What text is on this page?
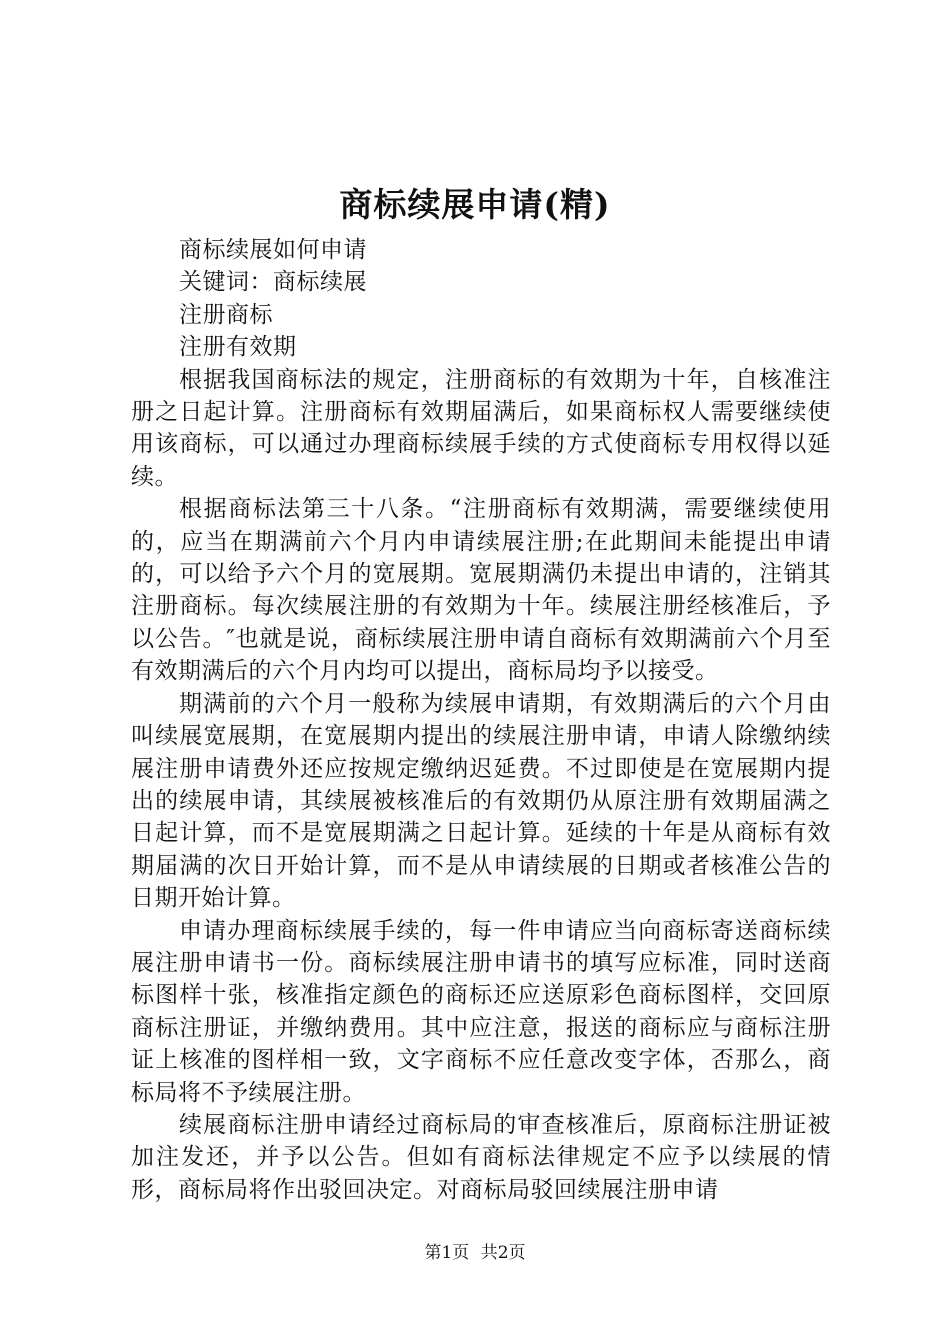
商标续展申请(精)

商标续展如何申请

关键词：商标续展

注册商标

注册有效期

根据我国商标法的规定，注册商标的有效期为十年，自核准注册之日起计算。注册商标有效期届满后，如果商标权人需要继续使用该商标，可以通过办理商标续展手续的方式使商标专用权得以延续。

根据商标法第三十八条。“注册商标有效期满，需要继续使用的，应当在期满前六个月内申请续展注册;在此期间未能提出申请的，可以给予六个月的宽展期。宽展期满仍未提出申请的，注销其注册商标。每次续展注册的有效期为十年。续展注册经核准后，予以公告。″也就是说，商标续展注册申请自商标有效期满前六个月至有效期满后的六个月内均可以提出，商标局均予以接受。

期满前的六个月一般称为续展申请期，有效期满后的六个月由叫续展宽展期，在宽展期内提出的续展注册申请，申请人除缴纳续展注册申请费外还应按规定缴纳迟延费。不过即使是在宽展期内提出的续展申请，其续展被核准后的有效期仍从原注册有效期届满之日起计算，而不是宽展期满之日起计算。延续的十年是从商标有效期届满的次日开始计算，而不是从申请续展的日期或者核准公告的日期开始计算。

申请办理商标续展手续的，每一件申请应当向商标寄送商标续展注册申请书一份。商标续展注册申请书的填写应标准，同时送商标图样十张，核准指定颜色的商标还应送原彩色商标图样，交回原商标注册证，并缴纳费用。其中应注意，报送的商标应与商标注册证上核准的图样相一致，文字商标不应任意改变字体，否那么，商标局将不予续展注册。

续展商标注册申请经过商标局的审查核准后，原商标注册证被加注发还，并予以公告。但如有商标法律规定不应予以续展的情形，商标局将作出驳回决定。对商标局驳回续展注册申请

第1页 共2页
